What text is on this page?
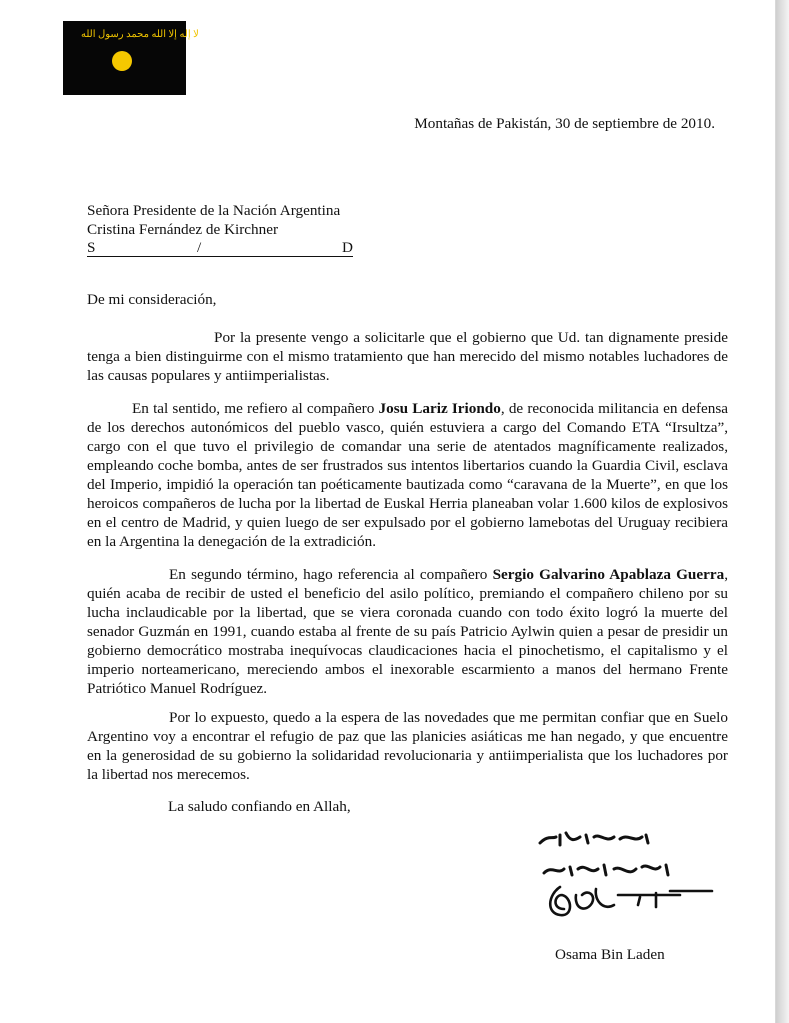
لا إله إلا الله محمد رسول الله
Montañas de Pakistán, 30 de septiembre de 2010.
Señora Presidente de la Nación Argentina
Cristina Fernández de Kirchner
S	/	D
De mi consideración,
Por la presente vengo a solicitarle que el gobierno que Ud. tan dignamente preside tenga a bien distinguirme con el mismo tratamiento que han merecido del mismo notables luchadores de las causas populares y antiimperialistas.
En tal sentido, me refiero al compañero Josu Lariz Iriondo, de reconocida militancia en defensa de los derechos autonómicos del pueblo vasco, quién estuviera a cargo del Comando ETA “Irsultza”, cargo con el que tuvo el privilegio de comandar una serie de atentados magníficamente realizados, empleando coche bomba, antes de ser frustrados sus intentos libertarios cuando la Guardia Civil, esclava del Imperio, impidió la operación tan poéticamente bautizada como “caravana de la Muerte”, en que los heroicos compañeros de lucha por la libertad de Euskal Herria planeaban volar 1.600 kilos de explosivos en el centro de Madrid, y quien luego de ser expulsado por el gobierno lamebotas del Uruguay recibiera en la Argentina la denegación de la extradición.
En segundo término, hago referencia al compañero Sergio Galvarino Apablaza Guerra, quién acaba de recibir de usted el beneficio del asilo político, premiando el compañero chileno por su lucha inclaudicable por la libertad, que se viera coronada cuando con todo éxito logró la muerte del senador Guzmán en 1991, cuando estaba al frente de su país Patricio Aylwin quien a pesar de presidir un gobierno democrático mostraba inequívocas claudicaciones hacia el pinochetismo, el capitalismo y el imperio norteamericano, mereciendo ambos el inexorable escarmiento a manos del hermano Frente Patriótico Manuel Rodríguez.
Por lo expuesto, quedo a la espera de las novedades que me permitan confiar que en Suelo Argentino voy a encontrar el refugio de paz que las planicies asiáticas me han negado, y que encuentre en la generosidad de su gobierno la solidaridad revolucionaria y antiimperialista que los luchadores por la libertad nos merecemos.
La saludo confiando en Allah,
Osama Bin Laden
